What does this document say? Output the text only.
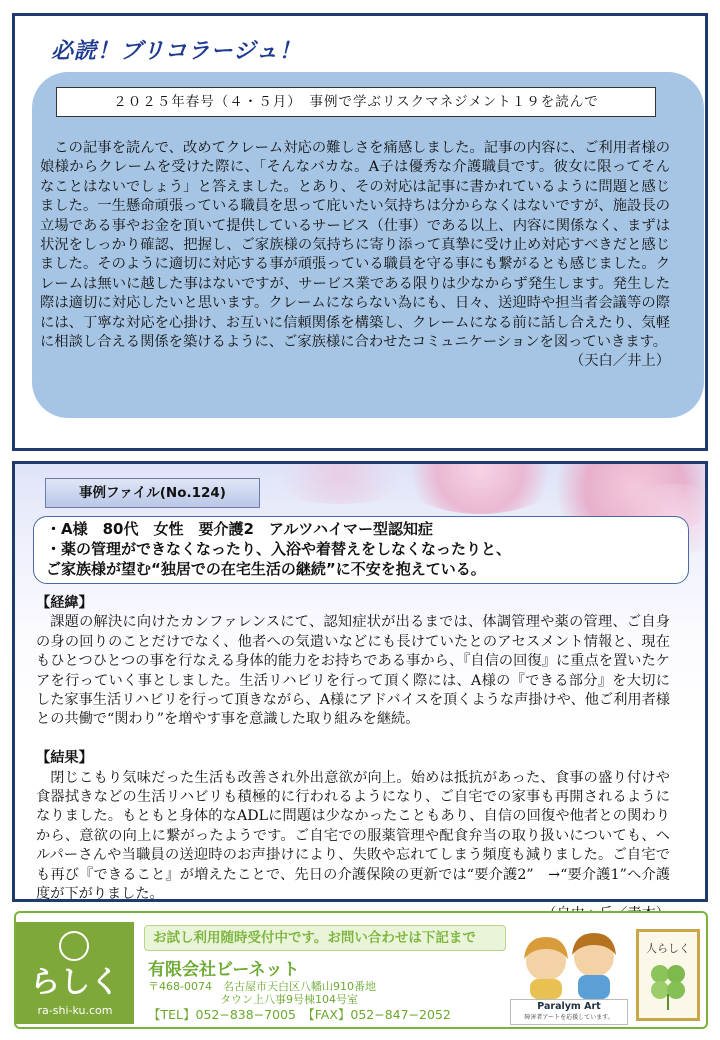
必読！ブリコラージュ！
２０２５年春号（４・５月）　事例で学ぶリスクマネジメント１９を読んで

この記事を読んで、改めてクレーム対応の難しさを痛感しました。記事の内容に、ご利用者様の娘様からクレームを受けた際に、「そんなバカな。A子は優秀な介護職員です。彼女に限ってそんなことはないでしょう」と答えました。とあり、その対応は記事に書かれているように問題と感じました。一生懸命頑張っている職員を思って庇いたい気持ちは分からなくはないですが、施設長の立場である事やお金を頂いて提供しているサービス（仕事）である以上、内容に関係なく、まずは状況をしっかり確認、把握し、ご家族様の気持ちに寄り添って真摯に受け止め対応すべきだと感じました。そのように適切に対応する事が頑張っている職員を守る事にも繋がるとも感じました。クレームは無いに越した事はないですが、サービス業である限りは少なからず発生します。発生した際は適切に対応したいと思います。クレームにならない為にも、日々、送迎時や担当者会議等の際には、丁寧な対応を心掛け、お互いに信頼関係を構築し、クレームになる前に話し合えたり、気軽に相談し合える関係を築けるように、ご家族様に合わせたコミュニケーションを図っていきます。

（天白／井上）
事例ファイル(No.124)
・A様　80代　女性　要介護2　アルツハイマー型認知症
・薬の管理ができなくなったり、入浴や着替えをしなくなったりと、
ご家族様が望む“独居での在宅生活の継続”に不安を抱えている。

【経緯】

課題の解決に向けたカンファレンスにて、認知症状が出るまでは、体調管理や薬の管理、ご自身の身の回りのことだけでなく、他者への気遣いなどにも長けていたとのアセスメント情報と、現在もひとつひとつの事を行なえる身体的能力をお持ちである事から、『自信の回復』に重点を置いたケアを行っていく事としました。生活リハビリを行って頂く際には、A様の『できる部分』を大切にした家事生活リハビリを行って頂きながら、A様にアドバイスを頂くような声掛けや、他ご利用者様との共働で“関わり”を増やす事を意識した取り組みを継続。

【結果】

閉じこもり気味だった生活も改善され外出意欲が向上。始めは抵抗があった、食事の盛り付けや食器拭きなどの生活リハビリも積極的に行われるようになり、ご自宅での家事も再開されるようになりました。もともと身体的なADLに問題は少なかったこともあり、自信の回復や他者との関わりから、意欲の向上に繋がったようです。ご自宅での服薬管理や配食弁当の取り扱いについても、ヘルパーさんや当職員の送迎時のお声掛けにより、失敗や忘れてしまう頻度も減りました。ご自宅でも再び『できること』が増えたことで、先日の介護保険の更新では“要介護2”　→“要介護1”へ介護度が下がりました。

らしく
ra-shi-ku.com
お試し利用随時受付中です。お問い合わせは下記まで
有限会社ビーネット
〒468-0074　名古屋市天白区八幡山910番地
タウン上八事9号棟104号室
【TEL】052−838−7005　【FAX】052−847−2052
Paralym Art
障害者アートを応援しています。
人らしく
